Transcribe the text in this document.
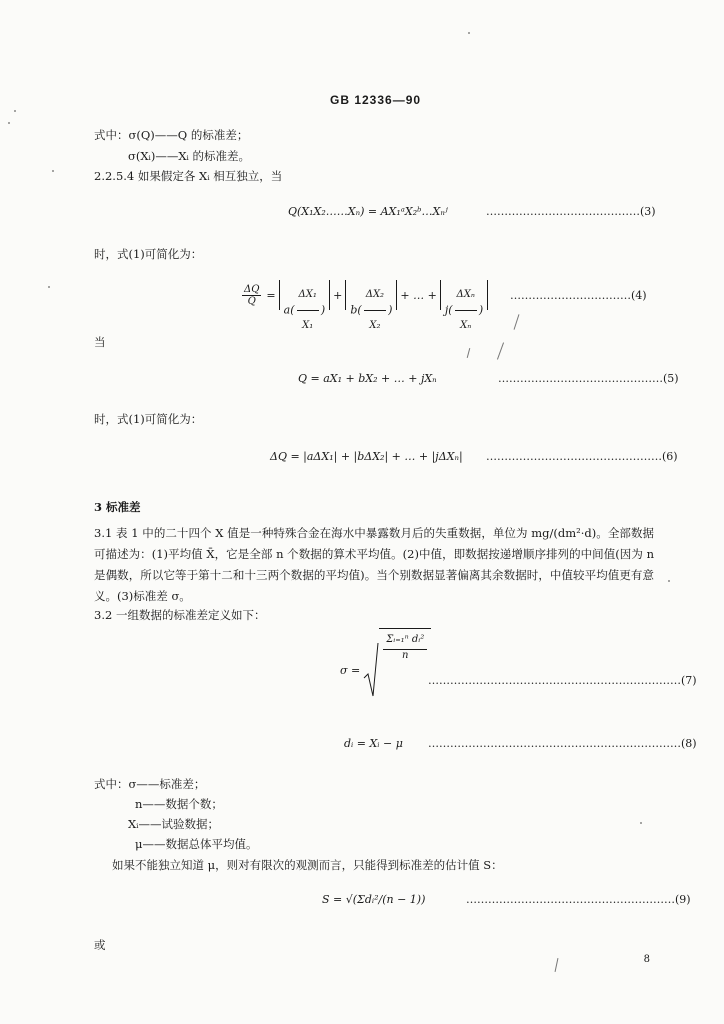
GB 12336—90
式中：σ(Q)——Q 的标准差；
σ(Xᵢ)——Xᵢ 的标准差。
2.2.5.4 如果假定各 Xᵢ 相互独立，当
Q(X₁X₂……Xₙ) = AX₁ᵃX₂ᵇ…Xₙʲ	……………………………………(3)
时，式(1)可简化为：
$\frac{\Delta Q}{Q}$ =
$a( \frac{\text{ΔX₁}}{\text{X₁}}$ )
+
$b( \frac{\text{ΔX₂}}{\text{X₂}}$ )
+ … +
$j( \frac{\text{ΔXₙ}}{\text{Xₙ}}$ )
……………………………(4)
当
Q = aX₁ + bX₂ + … + jXₙ	………………………………………(5)
时，式(1)可简化为：
ΔQ = |aΔX₁| + |bΔX₂| + … + |jΔXₙ| …………………………………………(6)
3 标准差
3.1 表 1 中的二十四个 X 值是一种特殊合金在海水中暴露数月后的失重数据，单位为 mg/(dm²·d)。全部数据可描述为：(1)平均值 X̄，它是全部 n 个数据的算术平均值。(2)中值，即数据按递增顺序排列的中间值(因为 n 是偶数，所以它等于第十二和十三两个数据的平均值)。当个别数据显著偏离其余数据时，中值较平均值更有意义。(3)标准差 σ。
3.2 一组数据的标准差定义如下：
σ =
$\frac{\text{Σᵢ₌₁ⁿ dᵢ²}}{n}$
……………………………………………………………(7)
dᵢ = Xᵢ − μ ……………………………………………………………(8)
式中：σ——标准差；
n——数据个数；
Xᵢ——试验数据；
μ——数据总体平均值。
如果不能独立知道 μ，则对有限次的观测而言，只能得到标准差的估计值 S：
S = √(Σdᵢ²/(n − 1))	…………………………………………………(9)
或
8
